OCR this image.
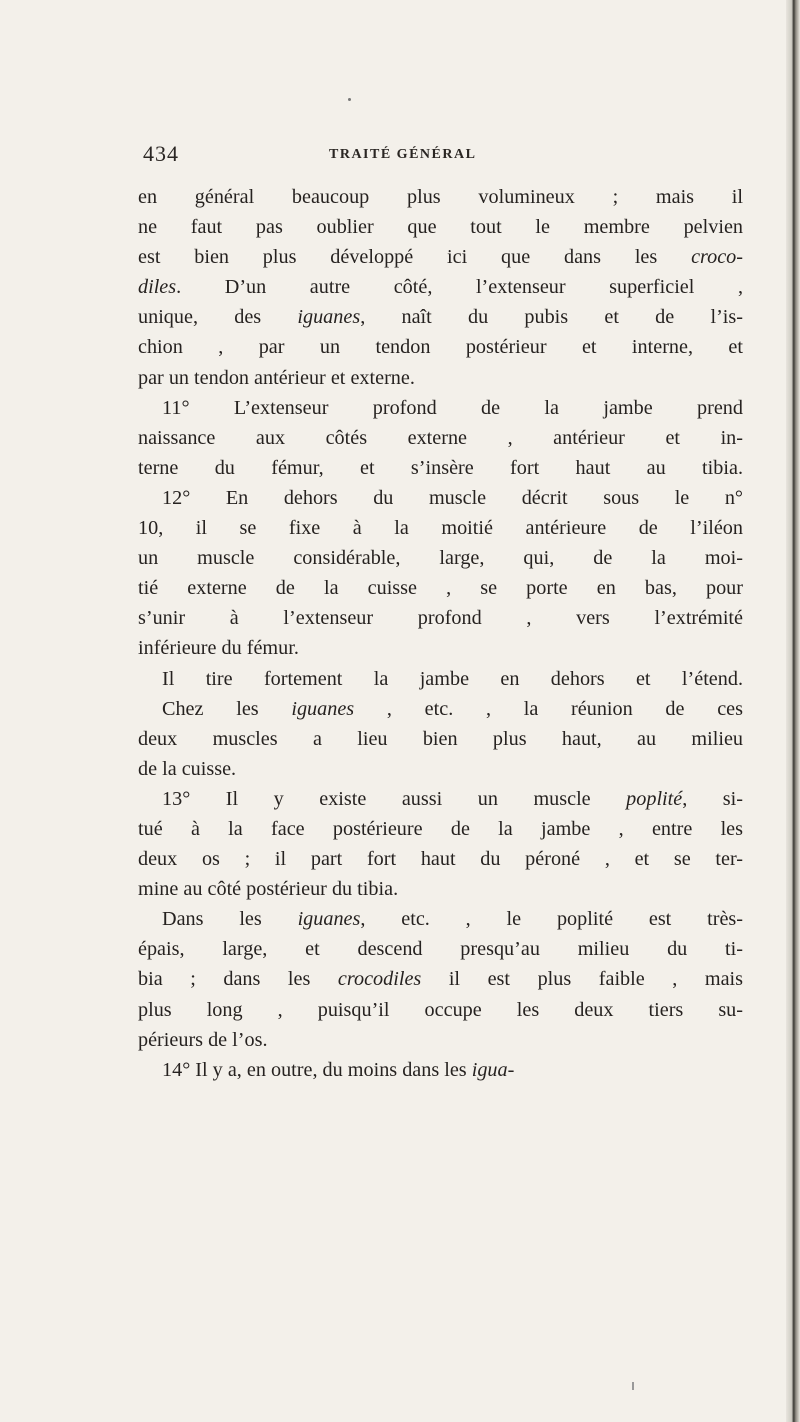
434	TRAITÉ GÉNÉRAL
en général beaucoup plus volumineux ; mais il
ne faut pas oublier que tout le membre pelvien
est bien plus développé ici que dans les croco-
diles. D’un autre côté, l’extenseur superficiel ,
unique, des iguanes, naît du pubis et de l’is-
chion , par un tendon postérieur et interne, et
par un tendon antérieur et externe.
11° L’extenseur profond de la jambe prend
naissance aux côtés externe , antérieur et in-
terne du fémur, et s’insère fort haut au tibia.
12° En dehors du muscle décrit sous le n°
10, il se fixe à la moitié antérieure de l’iléon
un muscle considérable, large, qui, de la moi-
tié externe de la cuisse , se porte en bas, pour
s’unir à l’extenseur profond , vers l’extrémité
inférieure du fémur.
Il tire fortement la jambe en dehors et l’étend.
Chez les iguanes , etc. , la réunion de ces
deux muscles a lieu bien plus haut, au milieu
de la cuisse.
13° Il y existe aussi un muscle poplité, si-
tué à la face postérieure de la jambe , entre les
deux os ; il part fort haut du péroné , et se ter-
mine au côté postérieur du tibia.
Dans les iguanes, etc. , le poplité est très-
épais, large, et descend presqu’au milieu du ti-
bia ; dans les crocodiles il est plus faible , mais
plus long , puisqu’il occupe les deux tiers su-
périeurs de l’os.
14° Il y a, en outre, du moins dans les igua-
